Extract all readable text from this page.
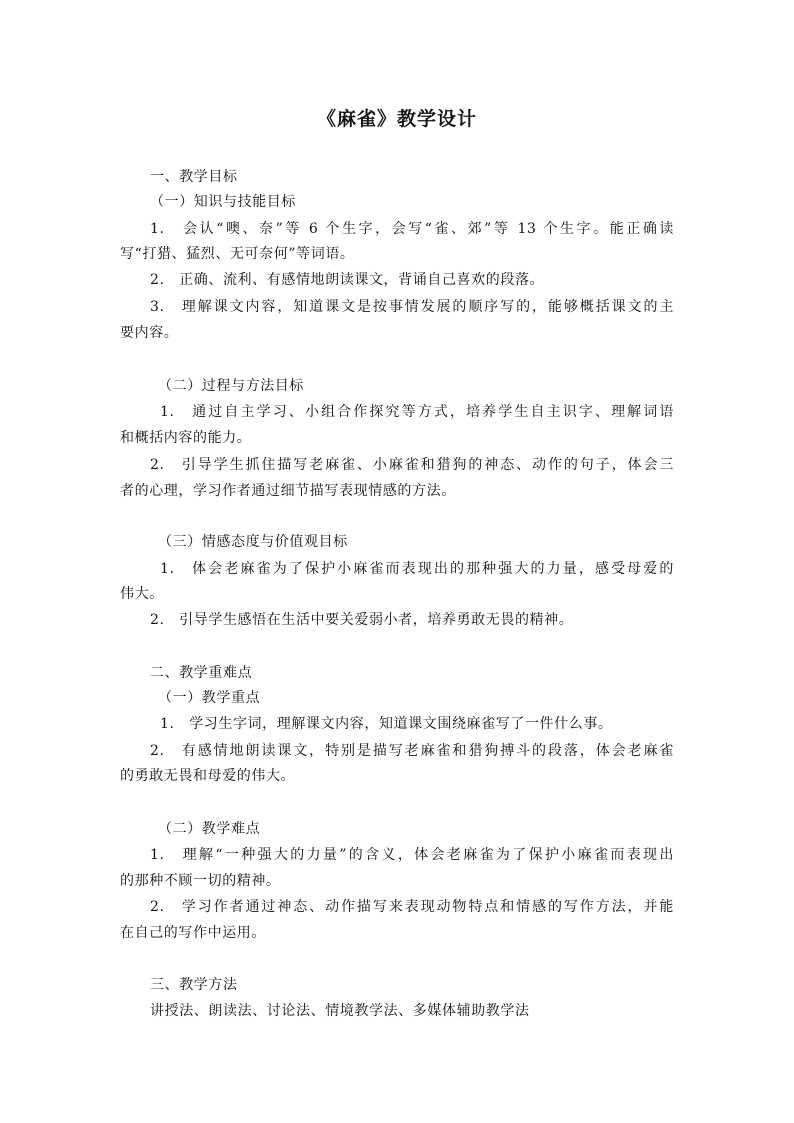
《麻雀》教学设计
一、教学目标
（一）知识与技能目标
1.　会认“噢、奈”等 6 个生字，会写“雀、郊”等 13 个生字。能正确读
写“打猎、猛烈、无可奈何”等词语。
2.　正确、流利、有感情地朗读课文，背诵自己喜欢的段落。
3.　理解课文内容，知道课文是按事情发展的顺序写的，能够概括课文的主
要内容。
（二）过程与方法目标
1.　通过自主学习、小组合作探究等方式，培养学生自主识字、理解词语
和概括内容的能力。
2.　引导学生抓住描写老麻雀、小麻雀和猎狗的神态、动作的句子，体会三
者的心理，学习作者通过细节描写表现情感的方法。
（三）情感态度与价值观目标
1.　体会老麻雀为了保护小麻雀而表现出的那种强大的力量，感受母爱的
伟大。
2.　引导学生感悟在生活中要关爱弱小者，培养勇敢无畏的精神。
二、教学重难点
（一）教学重点
1.　学习生字词，理解课文内容，知道课文围绕麻雀写了一件什么事。
2.　有感情地朗读课文，特别是描写老麻雀和猎狗搏斗的段落，体会老麻雀
的勇敢无畏和母爱的伟大。
（二）教学难点
1.　理解“一种强大的力量”的含义，体会老麻雀为了保护小麻雀而表现出
的那种不顾一切的精神。
2.　学习作者通过神态、动作描写来表现动物特点和情感的写作方法，并能
在自己的写作中运用。
三、教学方法
讲授法、朗读法、讨论法、情境教学法、多媒体辅助教学法
